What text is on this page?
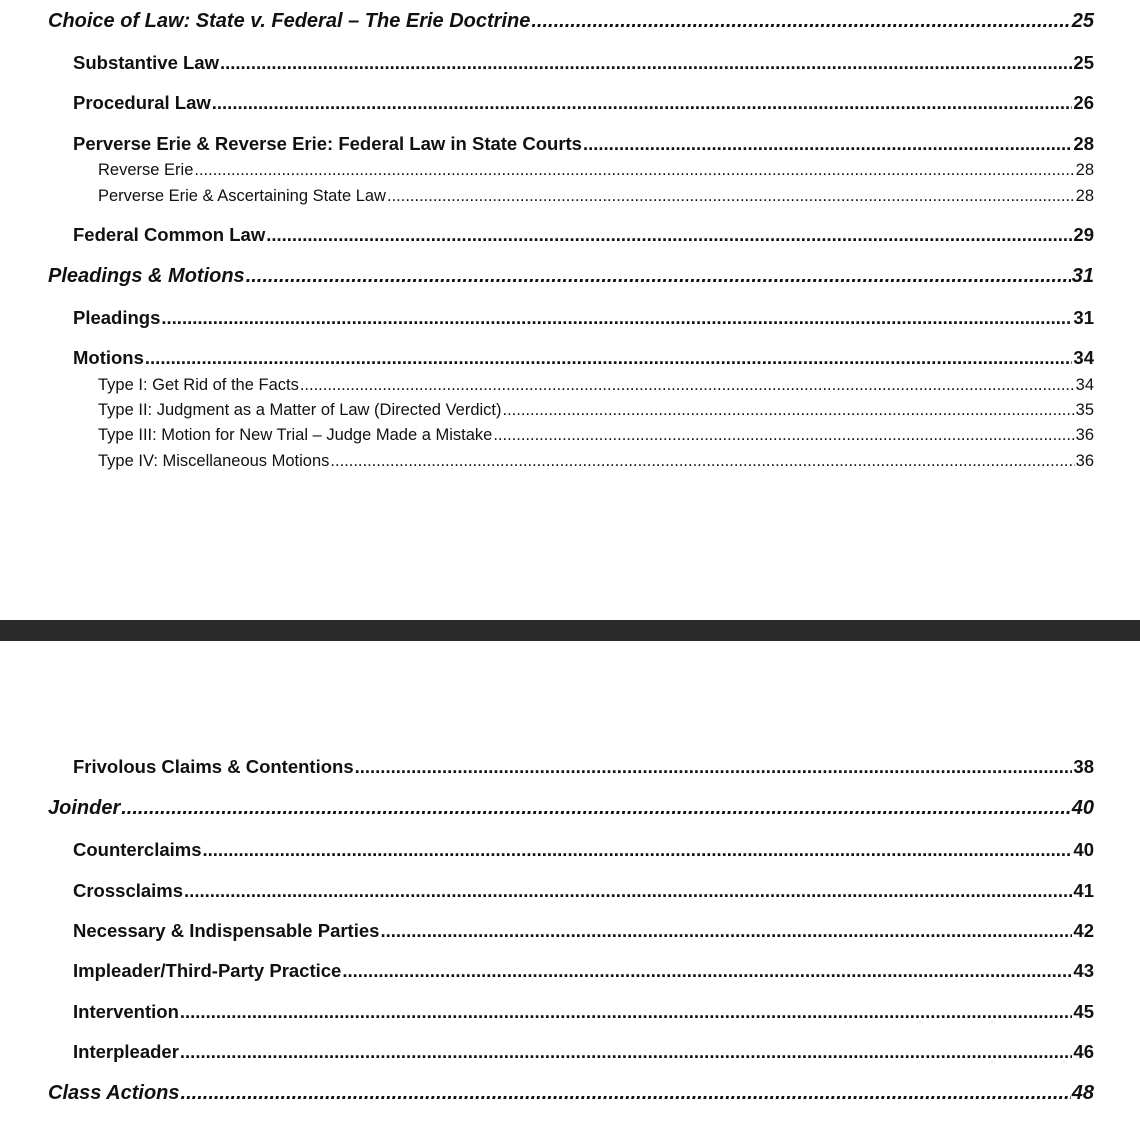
Choice of Law: State v. Federal – The Erie Doctrine .....	25
Substantive Law .....	25
Procedural Law .....	26
Perverse Erie & Reverse Erie: Federal Law in State Courts .....	28
Reverse Erie .....	28
Perverse Erie & Ascertaining State Law .....	28
Federal Common Law .....	29
Pleadings & Motions .....	31
Pleadings .....	31
Motions .....	34
Type I: Get Rid of the Facts .....	34
Type II: Judgment as a Matter of Law (Directed Verdict) .....	35
Type III: Motion for New Trial – Judge Made a Mistake .....	36
Type IV: Miscellaneous Motions .....	36
Frivolous Claims & Contentions .....	38
Joinder .....	40
Counterclaims .....	40
Crossclaims .....	41
Necessary & Indispensable Parties .....	42
Impleader/Third-Party Practice .....	43
Intervention .....	45
Interpleader .....	46
Class Actions .....	48
